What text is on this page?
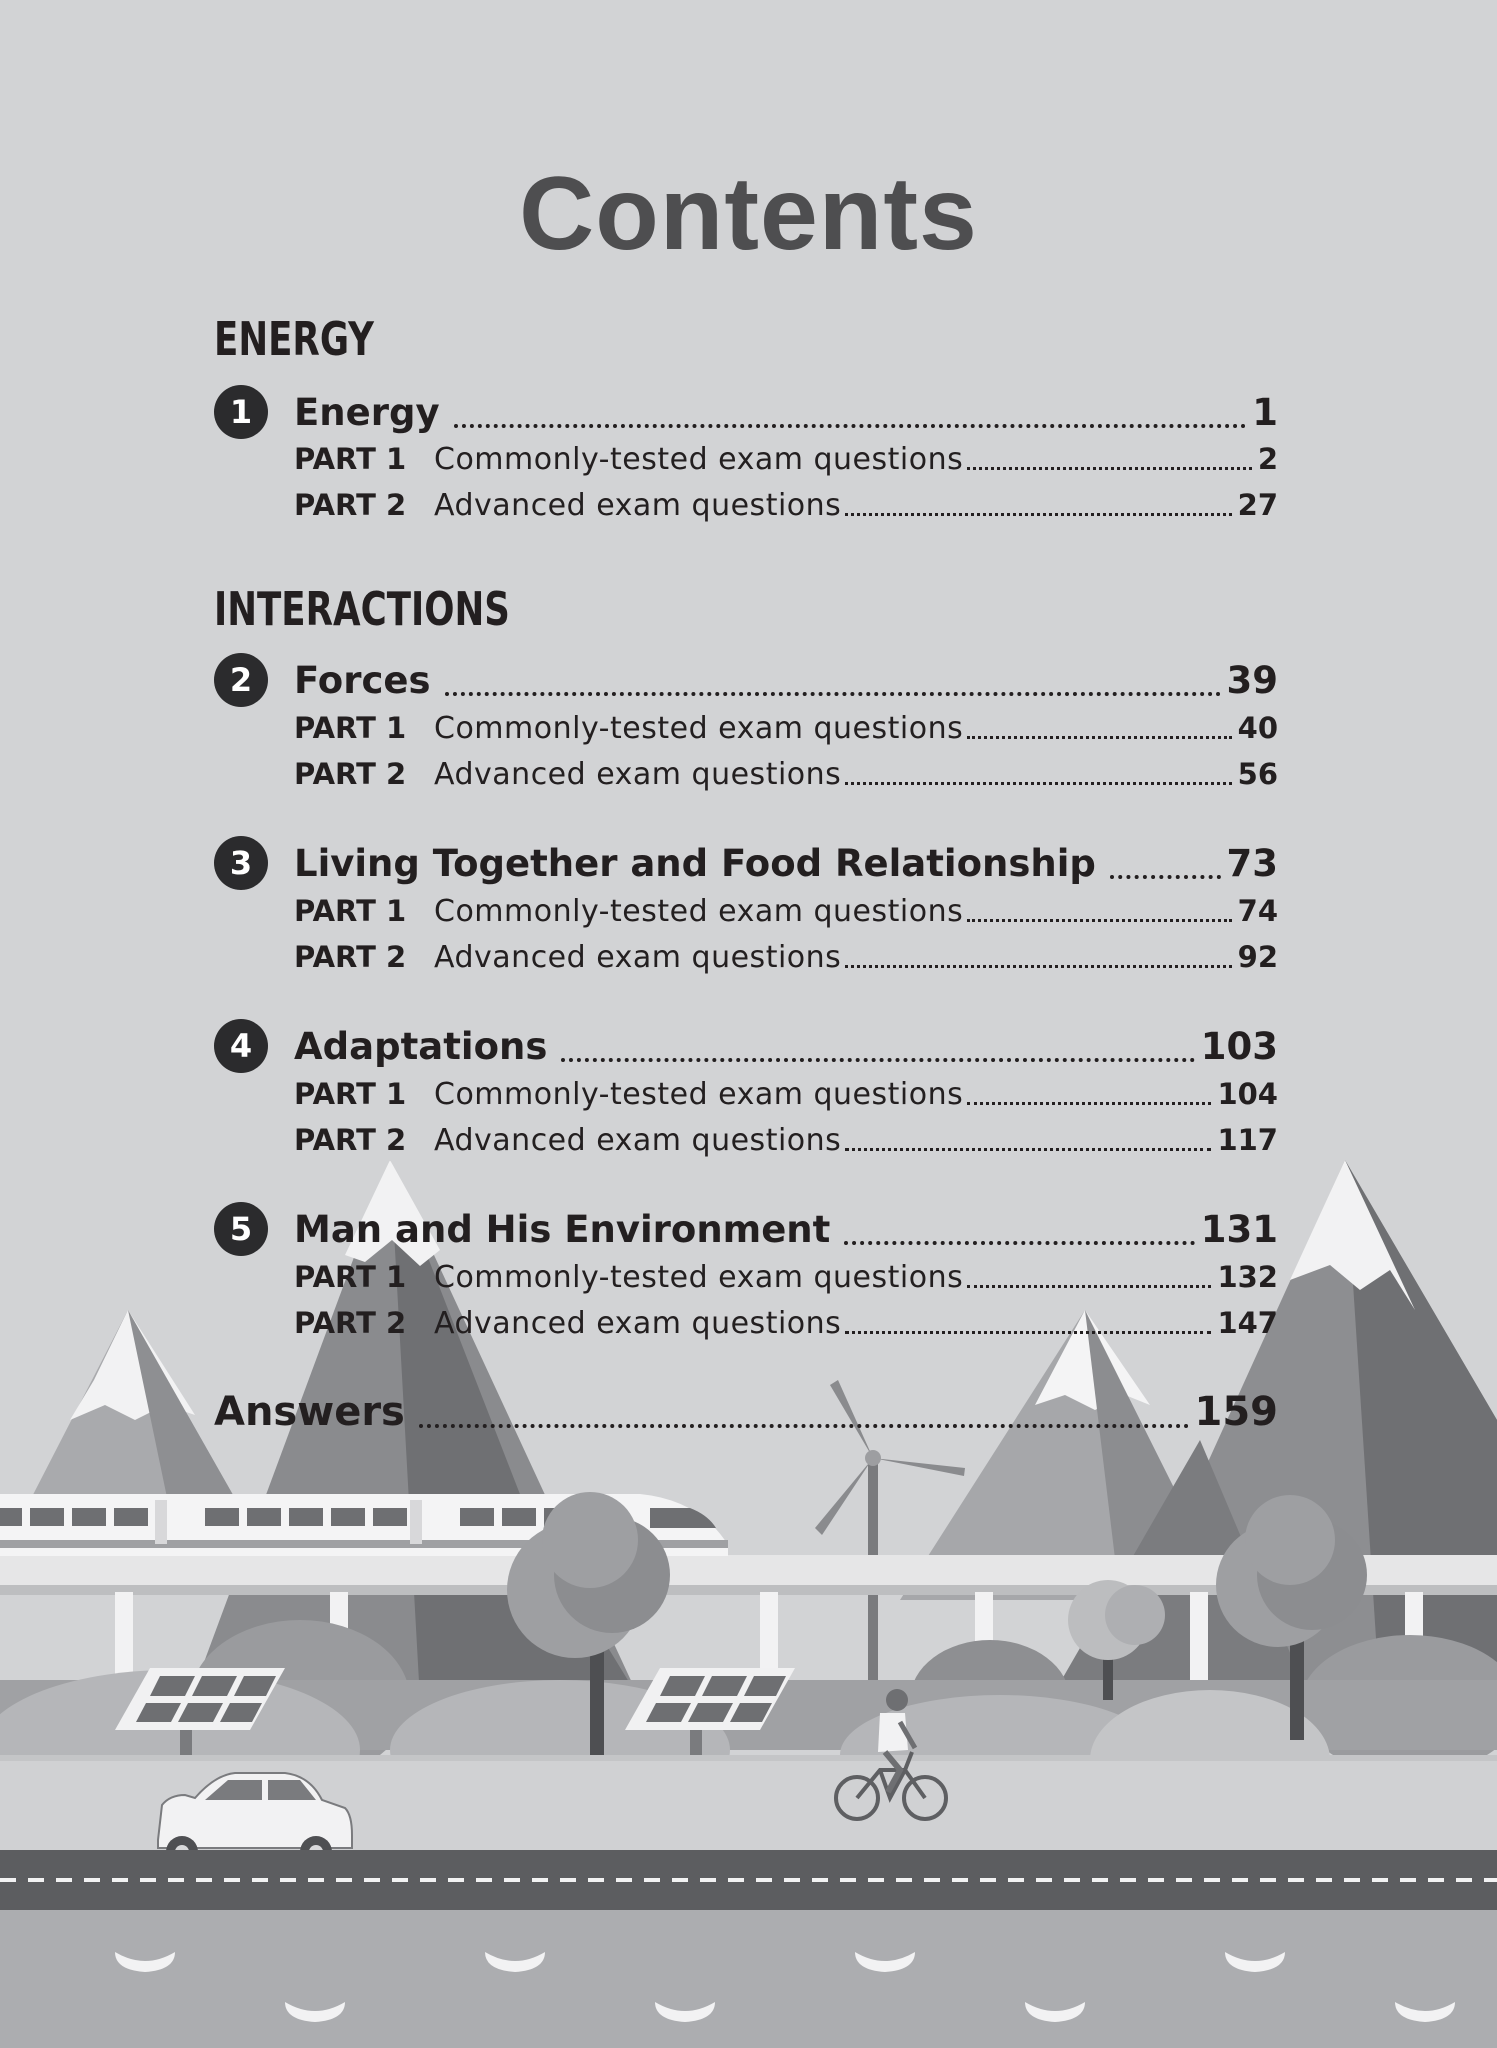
Contents
ENERGY
1	Energy	1
PART 1 Commonly-tested exam questions	2
PART 2 Advanced exam questions	27
INTERACTIONS
2	Forces	39
PART 1 Commonly-tested exam questions	40
PART 2 Advanced exam questions	56
3	Living Together and Food Relationship	73
PART 1 Commonly-tested exam questions	74
PART 2 Advanced exam questions	92
4	Adaptations	103
PART 1 Commonly-tested exam questions	104
PART 2 Advanced exam questions	117
5	Man and His Environment	131
PART 1 Commonly-tested exam questions	132
PART 2 Advanced exam questions	147
Answers	159
